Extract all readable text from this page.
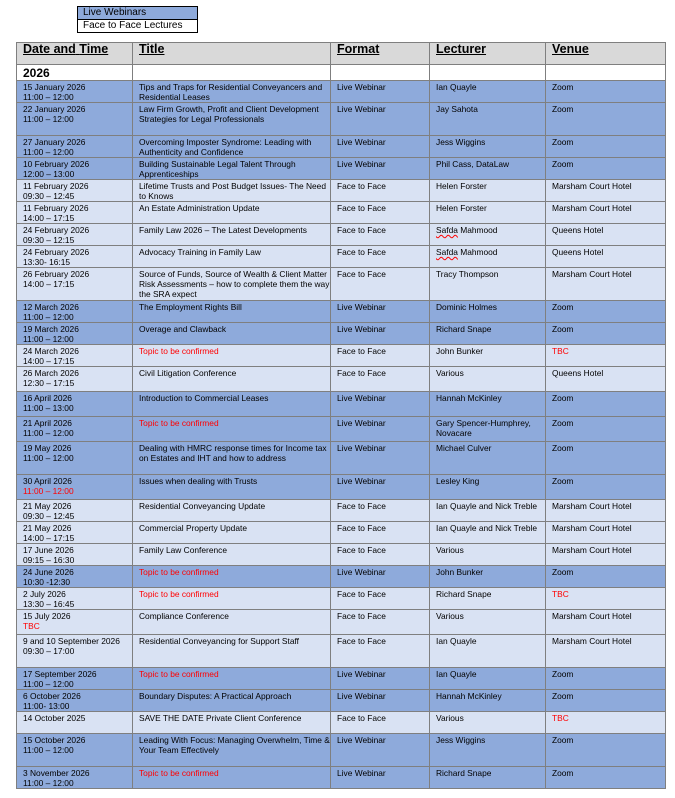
Live Webinars
Face to Face Lectures
Date and Time	Title	Format	Lecturer	Venue
2026				

15 January 2026
11:00 – 12:00	Tips and Traps for Residential Conveyancers and Residential Leases	Live Webinar	Ian Quayle	Zoom

22 January 2026
11:00 – 12:00	Law Firm Growth, Profit and Client Development Strategies for Legal Professionals	Live Webinar	Jay Sahota	Zoom

27 January 2026
11:00 – 12:00	Overcoming Imposter Syndrome: Leading with Authenticity and Confidence	Live Webinar	Jess Wiggins	Zoom

10 February 2026
12:00 – 13:00	Building Sustainable Legal Talent Through Apprenticeships	Live Webinar	Phil Cass, DataLaw	Zoom

11 February 2026
09:30 – 12:45	Lifetime Trusts and Post Budget Issues- The Need to Knows	Face to Face	Helen Forster	Marsham Court Hotel

11 February 2026
14:00 – 17:15	An Estate Administration Update	Face to Face	Helen Forster	Marsham Court Hotel

24 February 2026
09:30 – 12:15	Family Law 2026 – The Latest Developments	Face to Face	Safda Mahmood	Queens Hotel

24 February 2026
13:30- 16:15	Advocacy Training in Family Law	Face to Face	Safda Mahmood	Queens Hotel

26 February 2026
14:00 – 17:15	Source of Funds, Source of Wealth & Client Matter Risk Assessments – how to complete them the way the SRA expect	Face to Face	Tracy Thompson	Marsham Court Hotel

12 March 2026
11:00 – 12:00	The Employment Rights Bill	Live Webinar	Dominic Holmes	Zoom

19 March 2026
11:00 – 12:00	Overage and Clawback	Live Webinar	Richard Snape	Zoom

24 March 2026
14:00 – 17:15	Topic to be confirmed	Face to Face	John Bunker	TBC

26 March 2026
12:30 – 17:15	Civil Litigation Conference	Face to Face	Various	Queens Hotel

16 April 2026
11:00 – 13:00	Introduction to Commercial Leases	Live Webinar	Hannah McKinley	Zoom

21 April 2026
11:00 – 12:00	Topic to be confirmed	Live Webinar	Gary Spencer-Humphrey, Novacare	Zoom

19 May 2026
11:00 – 12:00	Dealing with HMRC response times for Income tax on Estates and IHT and how to address	Live Webinar	Michael Culver	Zoom

30 April 2026
11:00 – 12:00	Issues when dealing with Trusts	Live Webinar	Lesley King	Zoom

21 May 2026
09:30 – 12:45	Residential Conveyancing Update	Face to Face	Ian Quayle and Nick Treble	Marsham Court Hotel

21 May 2026
14:00 – 17:15	Commercial Property Update	Face to Face	Ian Quayle and Nick Treble	Marsham Court Hotel

17 June 2026
09:15 – 16:30	Family Law Conference	Face to Face	Various	Marsham Court Hotel

24 June 2026
10:30 -12:30	Topic to be confirmed	Live Webinar	John Bunker	Zoom

2 July 2026
13:30 – 16:45	Topic to be confirmed	Face to Face	Richard Snape	TBC

15 July 2026
TBC	Compliance Conference	Face to Face	Various	Marsham Court Hotel

9 and 10 September 2026
09:30 – 17:00	Residential Conveyancing for Support Staff	Face to Face	Ian Quayle	Marsham Court Hotel

17 September 2026
11:00 – 12:00	Topic to be confirmed	Live Webinar	Ian Quayle	Zoom

6 October 2026
11:00- 13:00	Boundary Disputes: A Practical Approach	Live Webinar	Hannah McKinley	Zoom

14 October 2025	SAVE THE DATE Private Client Conference	Face to Face	Various	TBC

15 October 2026
11:00 – 12:00	Leading With Focus: Managing Overwhelm, Time & Your Team Effectively	Live Webinar	Jess Wiggins	Zoom

3 November 2026
11:00 – 12:00	Topic to be confirmed	Live Webinar	Richard Snape	Zoom
